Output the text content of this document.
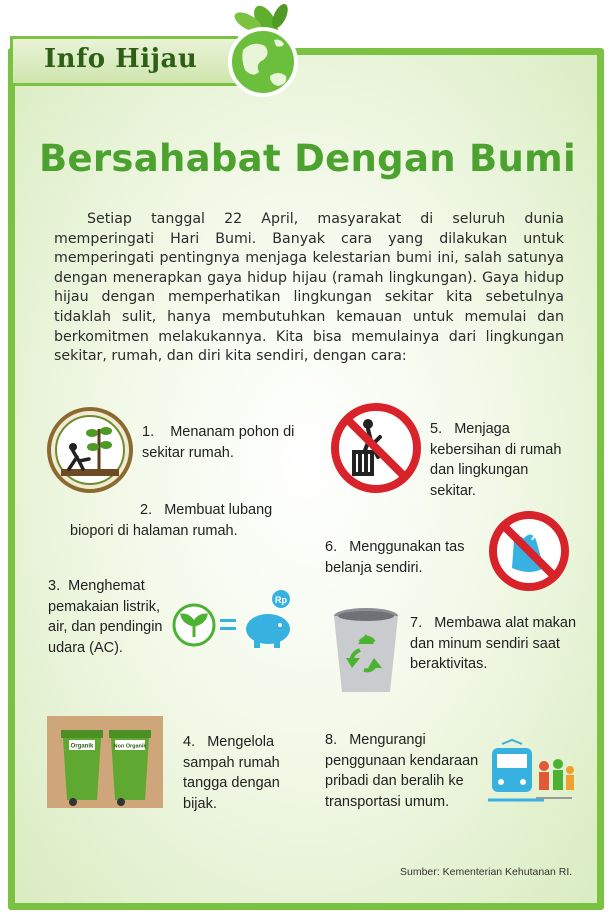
Info Hijau
Bersahabat Dengan Bumi

Setiap tanggal 22 April, masyarakat di seluruh dunia memperingati Hari Bumi. Banyak cara yang dilakukan untuk memperingati pentingnya menjaga kelestarian bumi ini, salah satunya dengan menerapkan gaya hidup hijau (ramah lingkungan). Gaya hidup hijau dengan memperhatikan lingkungan sekitar kita sebetulnya tidaklah sulit, hanya membutuhkan kemauan untuk memulai dan berkomitmen melakukannya. Kita bisa memulainya dari lingkungan sekitar, rumah, dan diri kita sendiri, dengan cara:

1. Menanam pohon di sekitar rumah.
2. Membuat lubang biopori di halaman rumah.
3. Menghemat pemakaian listrik, air, dan pendingin udara (AC).
Rp
Organik	Non Organik	4. Mengelola sampah rumah tangga dengan bijak.
5. Menjaga kebersihan di rumah dan lingkungan sekitar.
6. Menggunakan tas belanja sendiri.
7. Membawa alat makan dan minum sendiri saat beraktivitas.
8. Mengurangi penggunaan kendaraan pribadi dan beralih ke transportasi umum.
Sumber: Kementerian Kehutanan RI.
